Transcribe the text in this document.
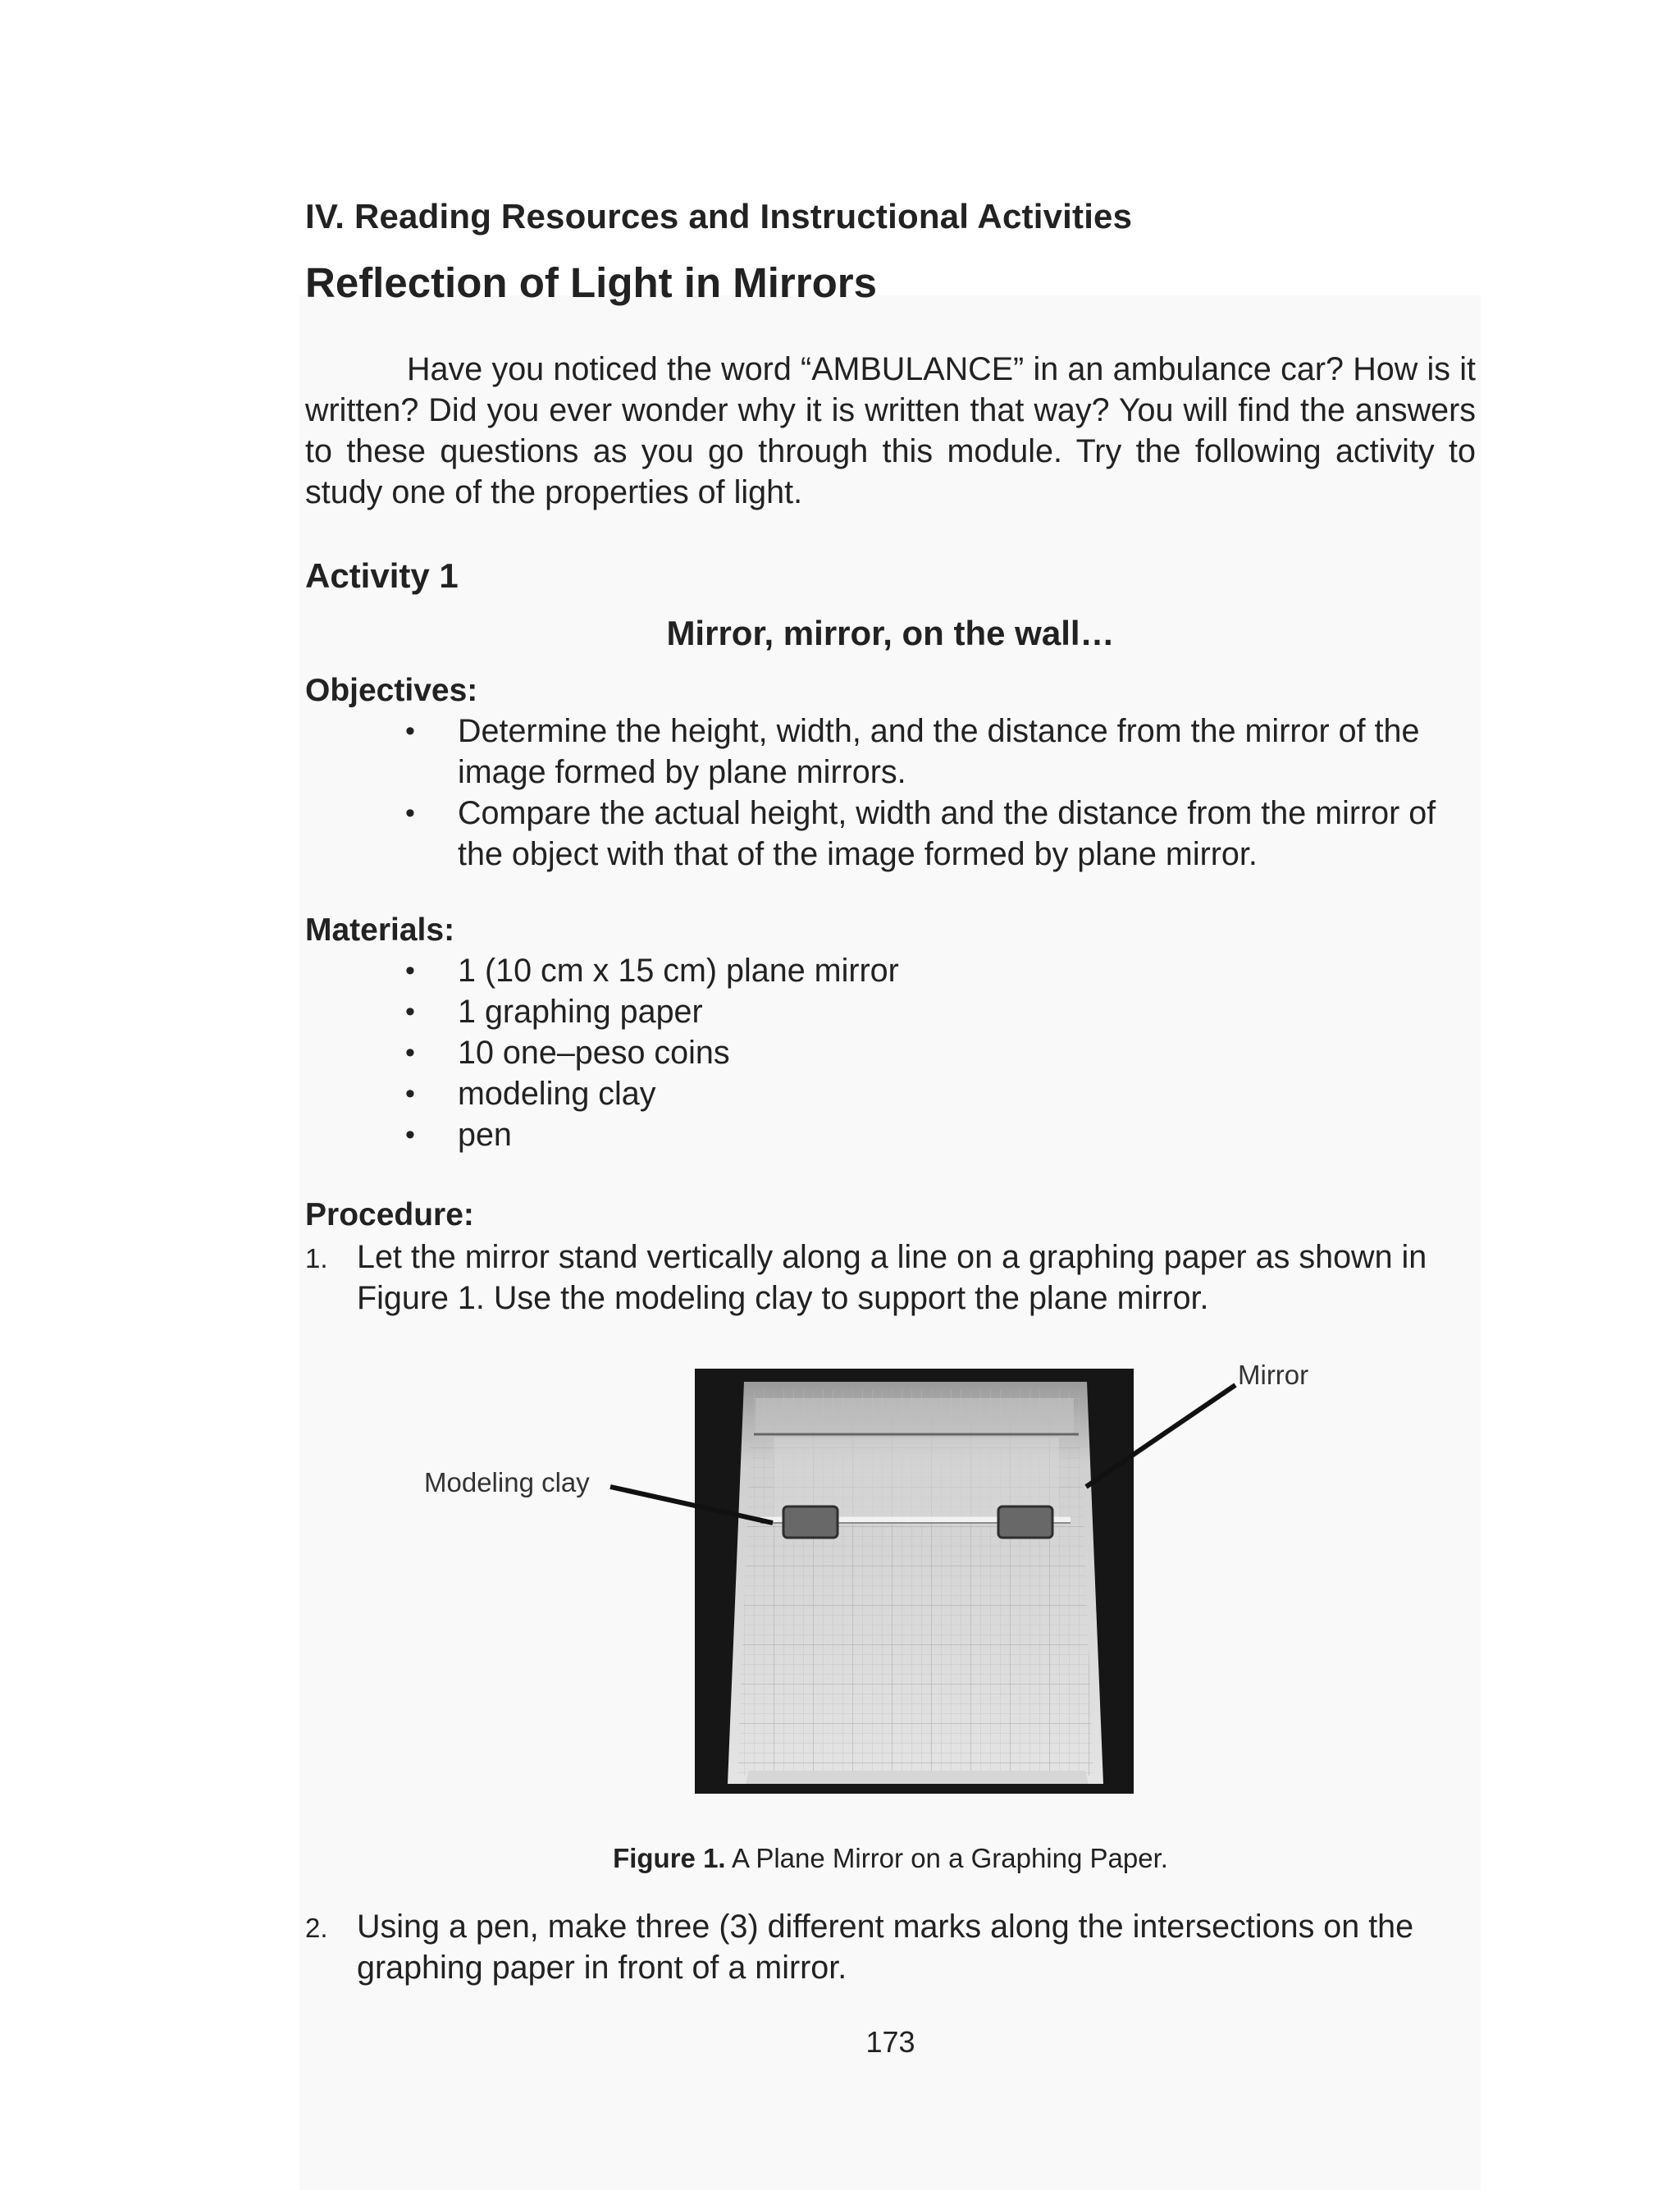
IV. Reading Resources and Instructional Activities
Reflection of Light in Mirrors

Have you noticed the word “AMBULANCE” in an ambulance car? How is it written? Did you ever wonder why it is written that way? You will find the answers to these questions as you go through this module. Try the following activity to study one of the properties of light.

Activity 1
Mirror, mirror, on the wall…
Objectives:
• Determine the height, width, and the distance from the mirror of the image formed by plane mirrors.
• Compare the actual height, width and the distance from the mirror of the object with that of the image formed by plane mirror.
Materials:
• 1 (10 cm x 15 cm) plane mirror
• 1 graphing paper
• 10 one–peso coins
• modeling clay
• pen
Procedure:
1. Let the mirror stand vertically along a line on a graphing paper as shown in Figure 1. Use the modeling clay to support the plane mirror.
Mirror
Modeling clay
Figure 1. A Plane Mirror on a Graphing Paper.
2. Using a pen, make three (3) different marks along the intersections on the graphing paper in front of a mirror.
173
